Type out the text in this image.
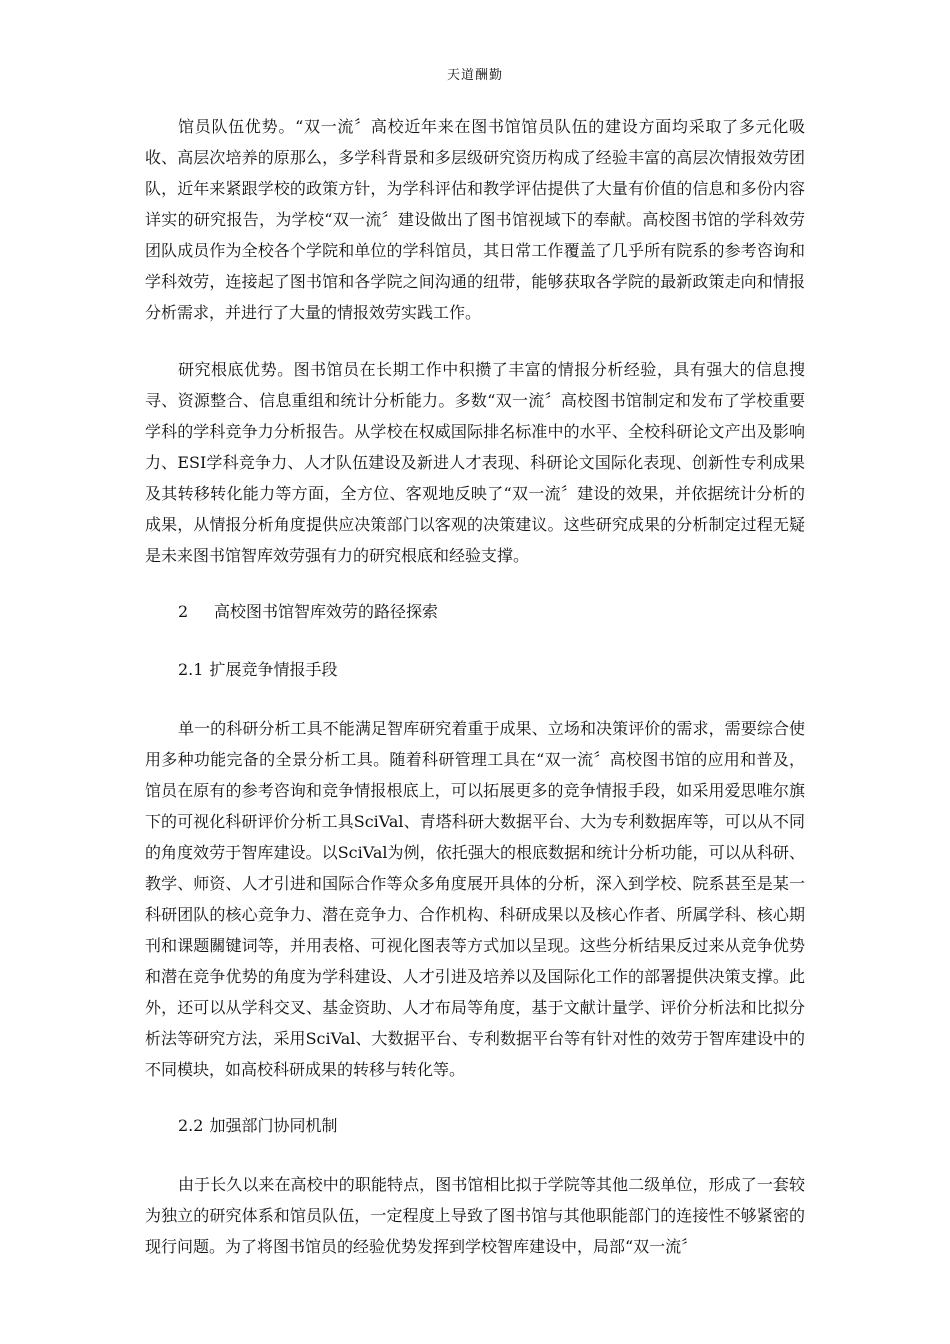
天道酬勤

馆员队伍优势。“双一流〞高校近年来在图书馆馆员队伍的建设方面均采取了多元化吸收、高层次培养的原那么，多学科背景和多层级研究资历构成了经验丰富的高层次情报效劳团队，近年来紧跟学校的政策方针，为学科评估和教学评估提供了大量有价值的信息和多份内容详实的研究报告，为学校“双一流〞建设做出了图书馆视域下的奉献。高校图书馆的学科效劳团队成员作为全校各个学院和单位的学科馆员，其日常工作覆盖了几乎所有院系的参考咨询和学科效劳，连接起了图书馆和各学院之间沟通的纽带，能够获取各学院的最新政策走向和情报分析需求，并进行了大量的情报效劳实践工作。

研究根底优势。图书馆员在长期工作中积攒了丰富的情报分析经验，具有强大的信息搜寻、资源整合、信息重组和统计分析能力。多数“双一流〞高校图书馆制定和发布了学校重要学科的学科竞争力分析报告。从学校在权威国际排名标准中的水平、全校科研论文产出及影响力、ESI学科竞争力、人才队伍建设及新进人才表现、科研论文国际化表现、创新性专利成果及其转移转化能力等方面，全方位、客观地反映了“双一流〞建设的效果，并依据统计分析的成果，从情报分析角度提供应决策部门以客观的决策建议。这些研究成果的分析制定过程无疑是未来图书馆智库效劳强有力的研究根底和经验支撑。

2 高校图书馆智库效劳的路径探索
2.1 扩展竞争情报手段

单一的科研分析工具不能满足智库研究着重于成果、立场和决策评价的需求，需要综合使用多种功能完备的全景分析工具。随着科研管理工具在“双一流〞高校图书馆的应用和普及，馆员在原有的参考咨询和竞争情报根底上，可以拓展更多的竞争情报手段，如采用爱思唯尔旗下的可视化科研评价分析工具SciVal、青塔科研大数据平台、大为专利数据库等，可以从不同的角度效劳于智库建设。以SciVal为例，依托强大的根底数据和统计分析功能，可以从科研、教学、师资、人才引进和国际合作等众多角度展开具体的分析，深入到学校、院系甚至是某一科研团队的核心竞争力、潜在竞争力、合作机构、科研成果以及核心作者、所属学科、核心期刊和课题關键词等，并用表格、可视化图表等方式加以呈现。这些分析结果反过来从竞争优势和潜在竞争优势的角度为学科建设、人才引进及培养以及国际化工作的部署提供决策支撑。此外，还可以从学科交叉、基金资助、人才布局等角度，基于文献计量学、评价分析法和比拟分析法等研究方法，采用SciVal、大数据平台、专利数据平台等有针对性的效劳于智库建设中的不同模块，如高校科研成果的转移与转化等。

2.2 加强部门协同机制

由于长久以来在高校中的职能特点，图书馆相比拟于学院等其他二级单位，形成了一套较为独立的研究体系和馆员队伍，一定程度上导致了图书馆与其他职能部门的连接性不够紧密的现行问题。为了将图书馆员的经验优势发挥到学校智库建设中，局部“双一流〞
